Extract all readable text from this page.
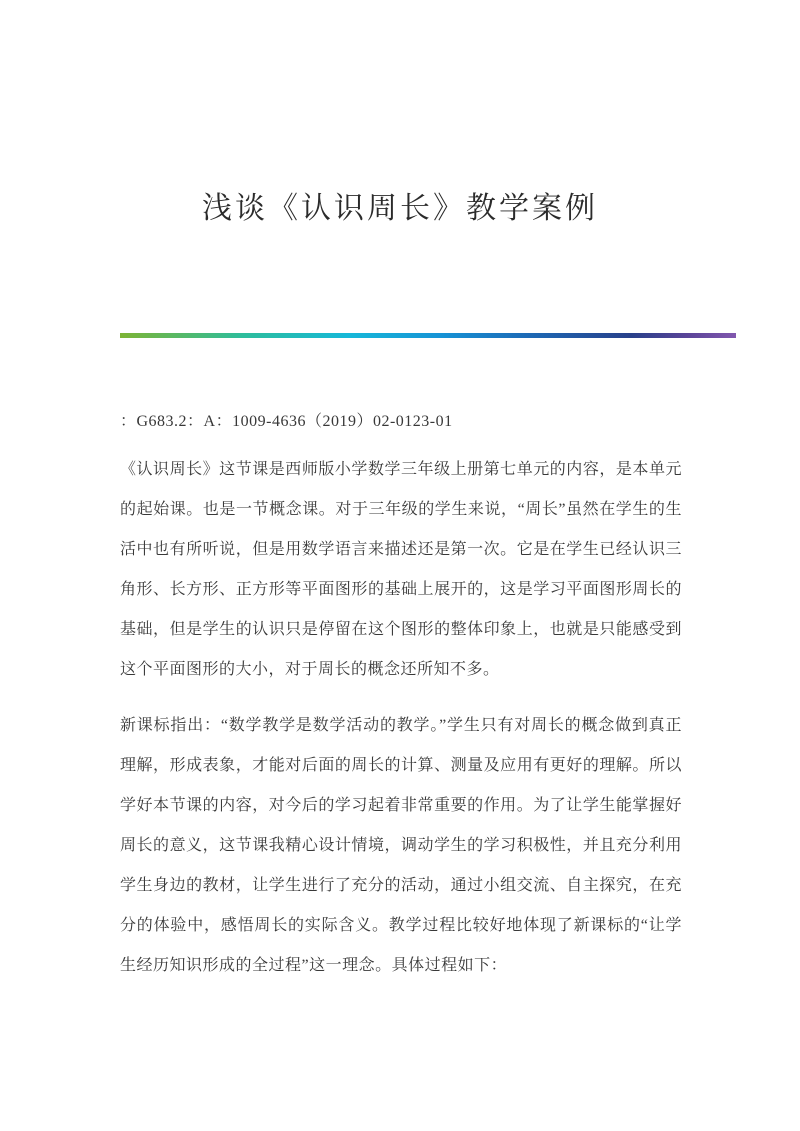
浅谈《认识周长》教学案例

：G683.2：A：1009-4636（2019）02-0123-01

《认识周长》这节课是西师版小学数学三年级上册第七单元的内容，是本单元的起始课。也是一节概念课。对于三年级的学生来说，“周长”虽然在学生的生活中也有所听说，但是用数学语言来描述还是第一次。它是在学生已经认识三角形、长方形、正方形等平面图形的基础上展开的，这是学习平面图形周长的基础，但是学生的认识只是停留在这个图形的整体印象上，也就是只能感受到这个平面图形的大小，对于周长的概念还所知不多。

新课标指出：“数学教学是数学活动的教学。”学生只有对周长的概念做到真正理解，形成表象，才能对后面的周长的计算、测量及应用有更好的理解。所以学好本节课的内容，对今后的学习起着非常重要的作用。为了让学生能掌握好周长的意义，这节课我精心设计情境，调动学生的学习积极性，并且充分利用学生身边的教材，让学生进行了充分的活动，通过小组交流、自主探究，在充分的体验中，感悟周长的实际含义。教学过程比较好地体现了新课标的“让学生经历知识形成的全过程”这一理念。具体过程如下：
